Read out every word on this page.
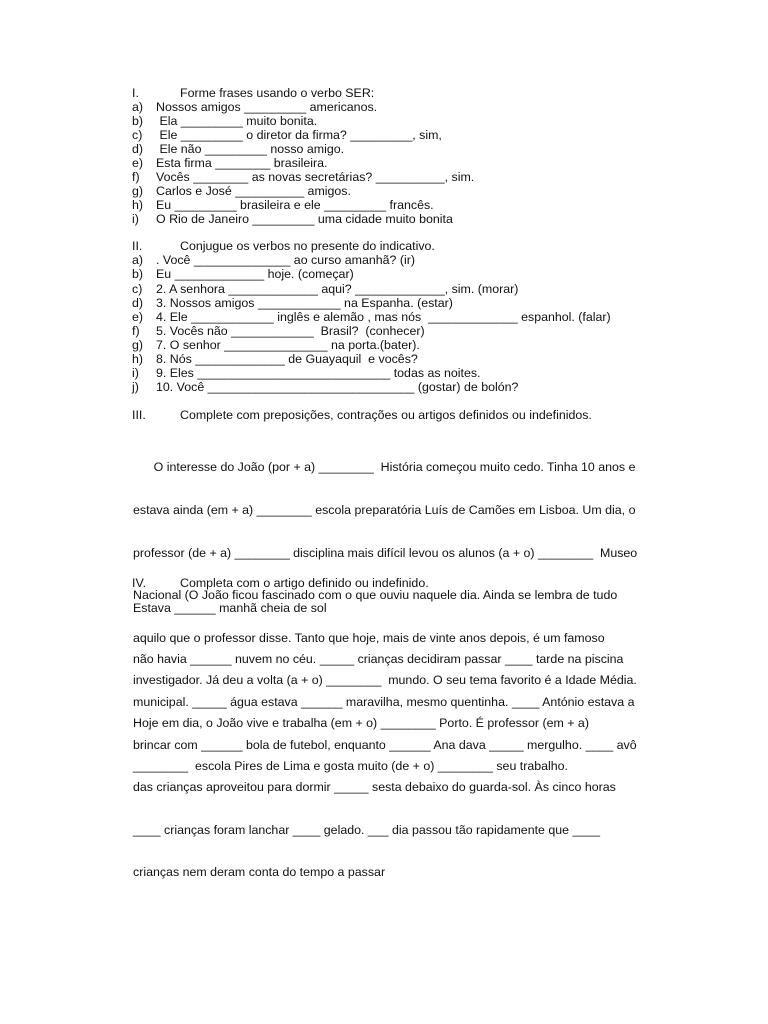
I.	Forme frases usando o verbo SER:
a) Nossos amigos _________ americanos.
b) Ela _________ muito bonita.
c) Ele _________ o diretor da firma? _________, sim,
d) Ele não _________ nosso amigo.
e) Esta firma ________ brasileira.
f) Vocês ________ as novas secretárias? __________, sim.
g) Carlos e José __________ amigos.
h) Eu _________ brasileira e ele _________ francês.
i) O Rio de Janeiro _________ uma cidade muito bonita
II.	Conjugue os verbos no presente do indicativo.
a) . Você ______________ ao curso amanhã? (ir)
b) Eu _____________ hoje. (começar)
c) 2. A senhora _____________ aqui? _____________, sim. (morar)
d) 3. Nossos amigos ____________ na Espanha. (estar)
e) 4. Ele ____________ inglês e alemão , mas nós  _____________ espanhol. (falar)
f) 5. Vocês não ____________  Brasil?  (conhecer)
g) 7. O senhor _______________ na porta.(bater).
h) 8. Nós _____________ de Guayaquil  e vocês?
i) 9. Eles ____________________________ todas as noites.
j) 10. Você ______________________________ (gostar) de bolón?
III.	Complete com preposições, contrações ou artigos definidos ou indefinidos.

O interesse do João (por + a) ________  História começou muito cedo. Tinha 10 anos e

estava ainda (em + a) ________ escola preparatória Luís de Camões em Lisboa. Um dia, o

professor (de + a) ________ disciplina mais difícil levou os alunos (a + o) ________  Museo

Nacional (O João ficou fascinado com o que ouviu naquele dia. Ainda se lembra de tudo

aquilo que o professor disse. Tanto que hoje, mais de vinte anos depois, é um famoso

investigador. Já deu a volta (a + o) ________  mundo. O seu tema favorito é a Idade Média.

Hoje em dia, o João vive e trabalha (em + o) ________ Porto. É professor (em + a)

________  escola Pires de Lima e gosta muito (de + o) ________ seu trabalho.

IV.	Completa com o artigo definido ou indefinido.
Estava ______ manhã cheia de sol

não havia ______ nuvem no céu. _____ crianças decidiram passar ____ tarde na piscina

municipal. _____ água estava ______ maravilha, mesmo quentinha. ____ António estava a

brincar com ______ bola de futebol, enquanto ______ Ana dava _____ mergulho. ____ avô

das crianças aproveitou para dormir _____ sesta debaixo do guarda-sol. Às cinco horas

____ crianças foram lanchar ____ gelado. ___ dia passou tão rapidamente que ____

crianças nem deram conta do tempo a passar
